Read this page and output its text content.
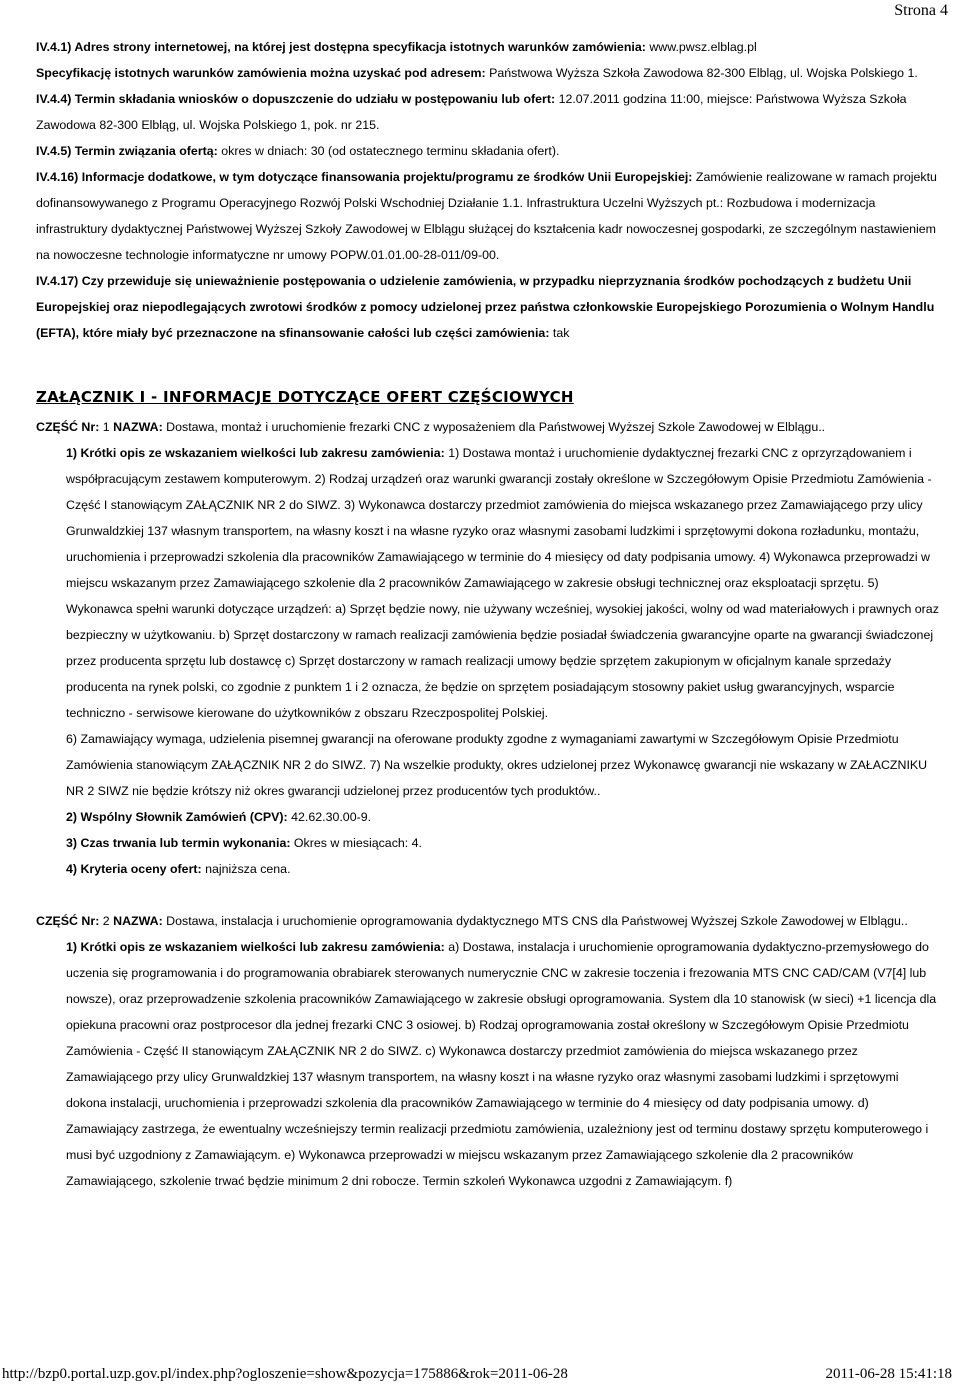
Strona 4

IV.4.1) Adres strony internetowej, na której jest dostępna specyfikacja istotnych warunków zamówienia: www.pwsz.elblag.pl

Specyfikację istotnych warunków zamówienia można uzyskać pod adresem: Państwowa Wyższa Szkoła Zawodowa 82-300 Elbląg, ul. Wojska Polskiego 1.

IV.4.4) Termin składania wniosków o dopuszczenie do udziału w postępowaniu lub ofert: 12.07.2011 godzina 11:00, miejsce: Państwowa Wyższa Szkoła Zawodowa 82-300 Elbląg, ul. Wojska Polskiego 1, pok. nr 215.

IV.4.5) Termin związania ofertą: okres w dniach: 30 (od ostatecznego terminu składania ofert).

IV.4.16) Informacje dodatkowe, w tym dotyczące finansowania projektu/programu ze środków Unii Europejskiej: Zamówienie realizowane w ramach projektu dofinansowywanego z Programu Operacyjnego Rozwój Polski Wschodniej Działanie 1.1. Infrastruktura Uczelni Wyższych pt.: Rozbudowa i modernizacja infrastruktury dydaktycznej Państwowej Wyższej Szkoły Zawodowej w Elblągu służącej do kształcenia kadr nowoczesnej gospodarki, ze szczególnym nastawieniem na nowoczesne technologie informatyczne nr umowy POPW.01.01.00-28-011/09-00.

IV.4.17) Czy przewiduje się unieważnienie postępowania o udzielenie zamówienia, w przypadku nieprzyznania środków pochodzących z budżetu Unii Europejskiej oraz niepodlegających zwrotowi środków z pomocy udzielonej przez państwa członkowskie Europejskiego Porozumienia o Wolnym Handlu (EFTA), które miały być przeznaczone na sfinansowanie całości lub części zamówienia: tak

ZAŁĄCZNIK I - INFORMACJE DOTYCZĄCE OFERT CZĘŚCIOWYCH

CZĘŚĆ Nr: 1 NAZWA: Dostawa, montaż i uruchomienie frezarki CNC z wyposażeniem dla Państwowej Wyższej Szkole Zawodowej w Elblągu..

1) Krótki opis ze wskazaniem wielkości lub zakresu zamówienia: 1) Dostawa montaż i uruchomienie dydaktycznej frezarki CNC z oprzyrządowaniem i współpracującym zestawem komputerowym. 2) Rodzaj urządzeń oraz warunki gwarancji zostały określone w Szczegółowym Opisie Przedmiotu Zamówienia - Część I stanowiącym ZAŁĄCZNIK NR 2 do SIWZ. 3) Wykonawca dostarczy przedmiot zamówienia do miejsca wskazanego przez Zamawiającego przy ulicy Grunwaldzkiej 137 własnym transportem, na własny koszt i na własne ryzyko oraz własnymi zasobami ludzkimi i sprzętowymi dokona rozładunku, montażu, uruchomienia i przeprowadzi szkolenia dla pracowników Zamawiającego w terminie do 4 miesięcy od daty podpisania umowy. 4) Wykonawca przeprowadzi w miejscu wskazanym przez Zamawiającego szkolenie dla 2 pracowników Zamawiającego w zakresie obsługi technicznej oraz eksploatacji sprzętu. 5) Wykonawca spełni warunki dotyczące urządzeń: a) Sprzęt będzie nowy, nie używany wcześniej, wysokiej jakości, wolny od wad materiałowych i prawnych oraz bezpieczny w użytkowaniu. b) Sprzęt dostarczony w ramach realizacji zamówienia będzie posiadał świadczenia gwarancyjne oparte na gwarancji świadczonej przez producenta sprzętu lub dostawcę c) Sprzęt dostarczony w ramach realizacji umowy będzie sprzętem zakupionym w oficjalnym kanale sprzedaży producenta na rynek polski, co zgodnie z punktem 1 i 2 oznacza, że będzie on sprzętem posiadającym stosowny pakiet usług gwarancyjnych, wsparcie techniczno - serwisowe kierowane do użytkowników z obszaru Rzeczpospolitej Polskiej.

6) Zamawiający wymaga, udzielenia pisemnej gwarancji na oferowane produkty zgodne z wymaganiami zawartymi w Szczegółowym Opisie Przedmiotu Zamówienia stanowiącym ZAŁĄCZNIK NR 2 do SIWZ. 7) Na wszelkie produkty, okres udzielonej przez Wykonawcę gwarancji nie wskazany w ZAŁACZNIKU NR 2 SIWZ nie będzie krótszy niż okres gwarancji udzielonej przez producentów tych produktów..

2) Wspólny Słownik Zamówień (CPV): 42.62.30.00-9.

3) Czas trwania lub termin wykonania: Okres w miesiącach: 4.

4) Kryteria oceny ofert: najniższa cena.

CZĘŚĆ Nr: 2 NAZWA: Dostawa, instalacja i uruchomienie oprogramowania dydaktycznego MTS CNS dla Państwowej Wyższej Szkole Zawodowej w Elblągu..

1) Krótki opis ze wskazaniem wielkości lub zakresu zamówienia: a) Dostawa, instalacja i uruchomienie oprogramowania dydaktyczno-przemysłowego do uczenia się programowania i do programowania obrabiarek sterowanych numerycznie CNC w zakresie toczenia i frezowania MTS CNC CAD/CAM (V7[4] lub nowsze), oraz przeprowadzenie szkolenia pracowników Zamawiającego w zakresie obsługi oprogramowania. System dla 10 stanowisk (w sieci) +1 licencja dla opiekuna pracowni oraz postprocesor dla jednej frezarki CNC 3 osiowej. b) Rodzaj oprogramowania został określony w Szczegółowym Opisie Przedmiotu Zamówienia - Część II stanowiącym ZAŁĄCZNIK NR 2 do SIWZ. c) Wykonawca dostarczy przedmiot zamówienia do miejsca wskazanego przez Zamawiającego przy ulicy Grunwaldzkiej 137 własnym transportem, na własny koszt i na własne ryzyko oraz własnymi zasobami ludzkimi i sprzętowymi dokona instalacji, uruchomienia i przeprowadzi szkolenia dla pracowników Zamawiającego w terminie do 4 miesięcy od daty podpisania umowy. d) Zamawiający zastrzega, że ewentualny wcześniejszy termin realizacji przedmiotu zamówienia, uzależniony jest od terminu dostawy sprzętu komputerowego i musi być uzgodniony z Zamawiającym. e) Wykonawca przeprowadzi w miejscu wskazanym przez Zamawiającego szkolenie dla 2 pracowników Zamawiającego, szkolenie trwać będzie minimum 2 dni robocze. Termin szkoleń Wykonawca uzgodni z Zamawiającym. f)

http://bzp0.portal.uzp.gov.pl/index.php?ogloszenie=show&pozycja=175886&rok=2011-06-28	2011-06-28 15:41:18
